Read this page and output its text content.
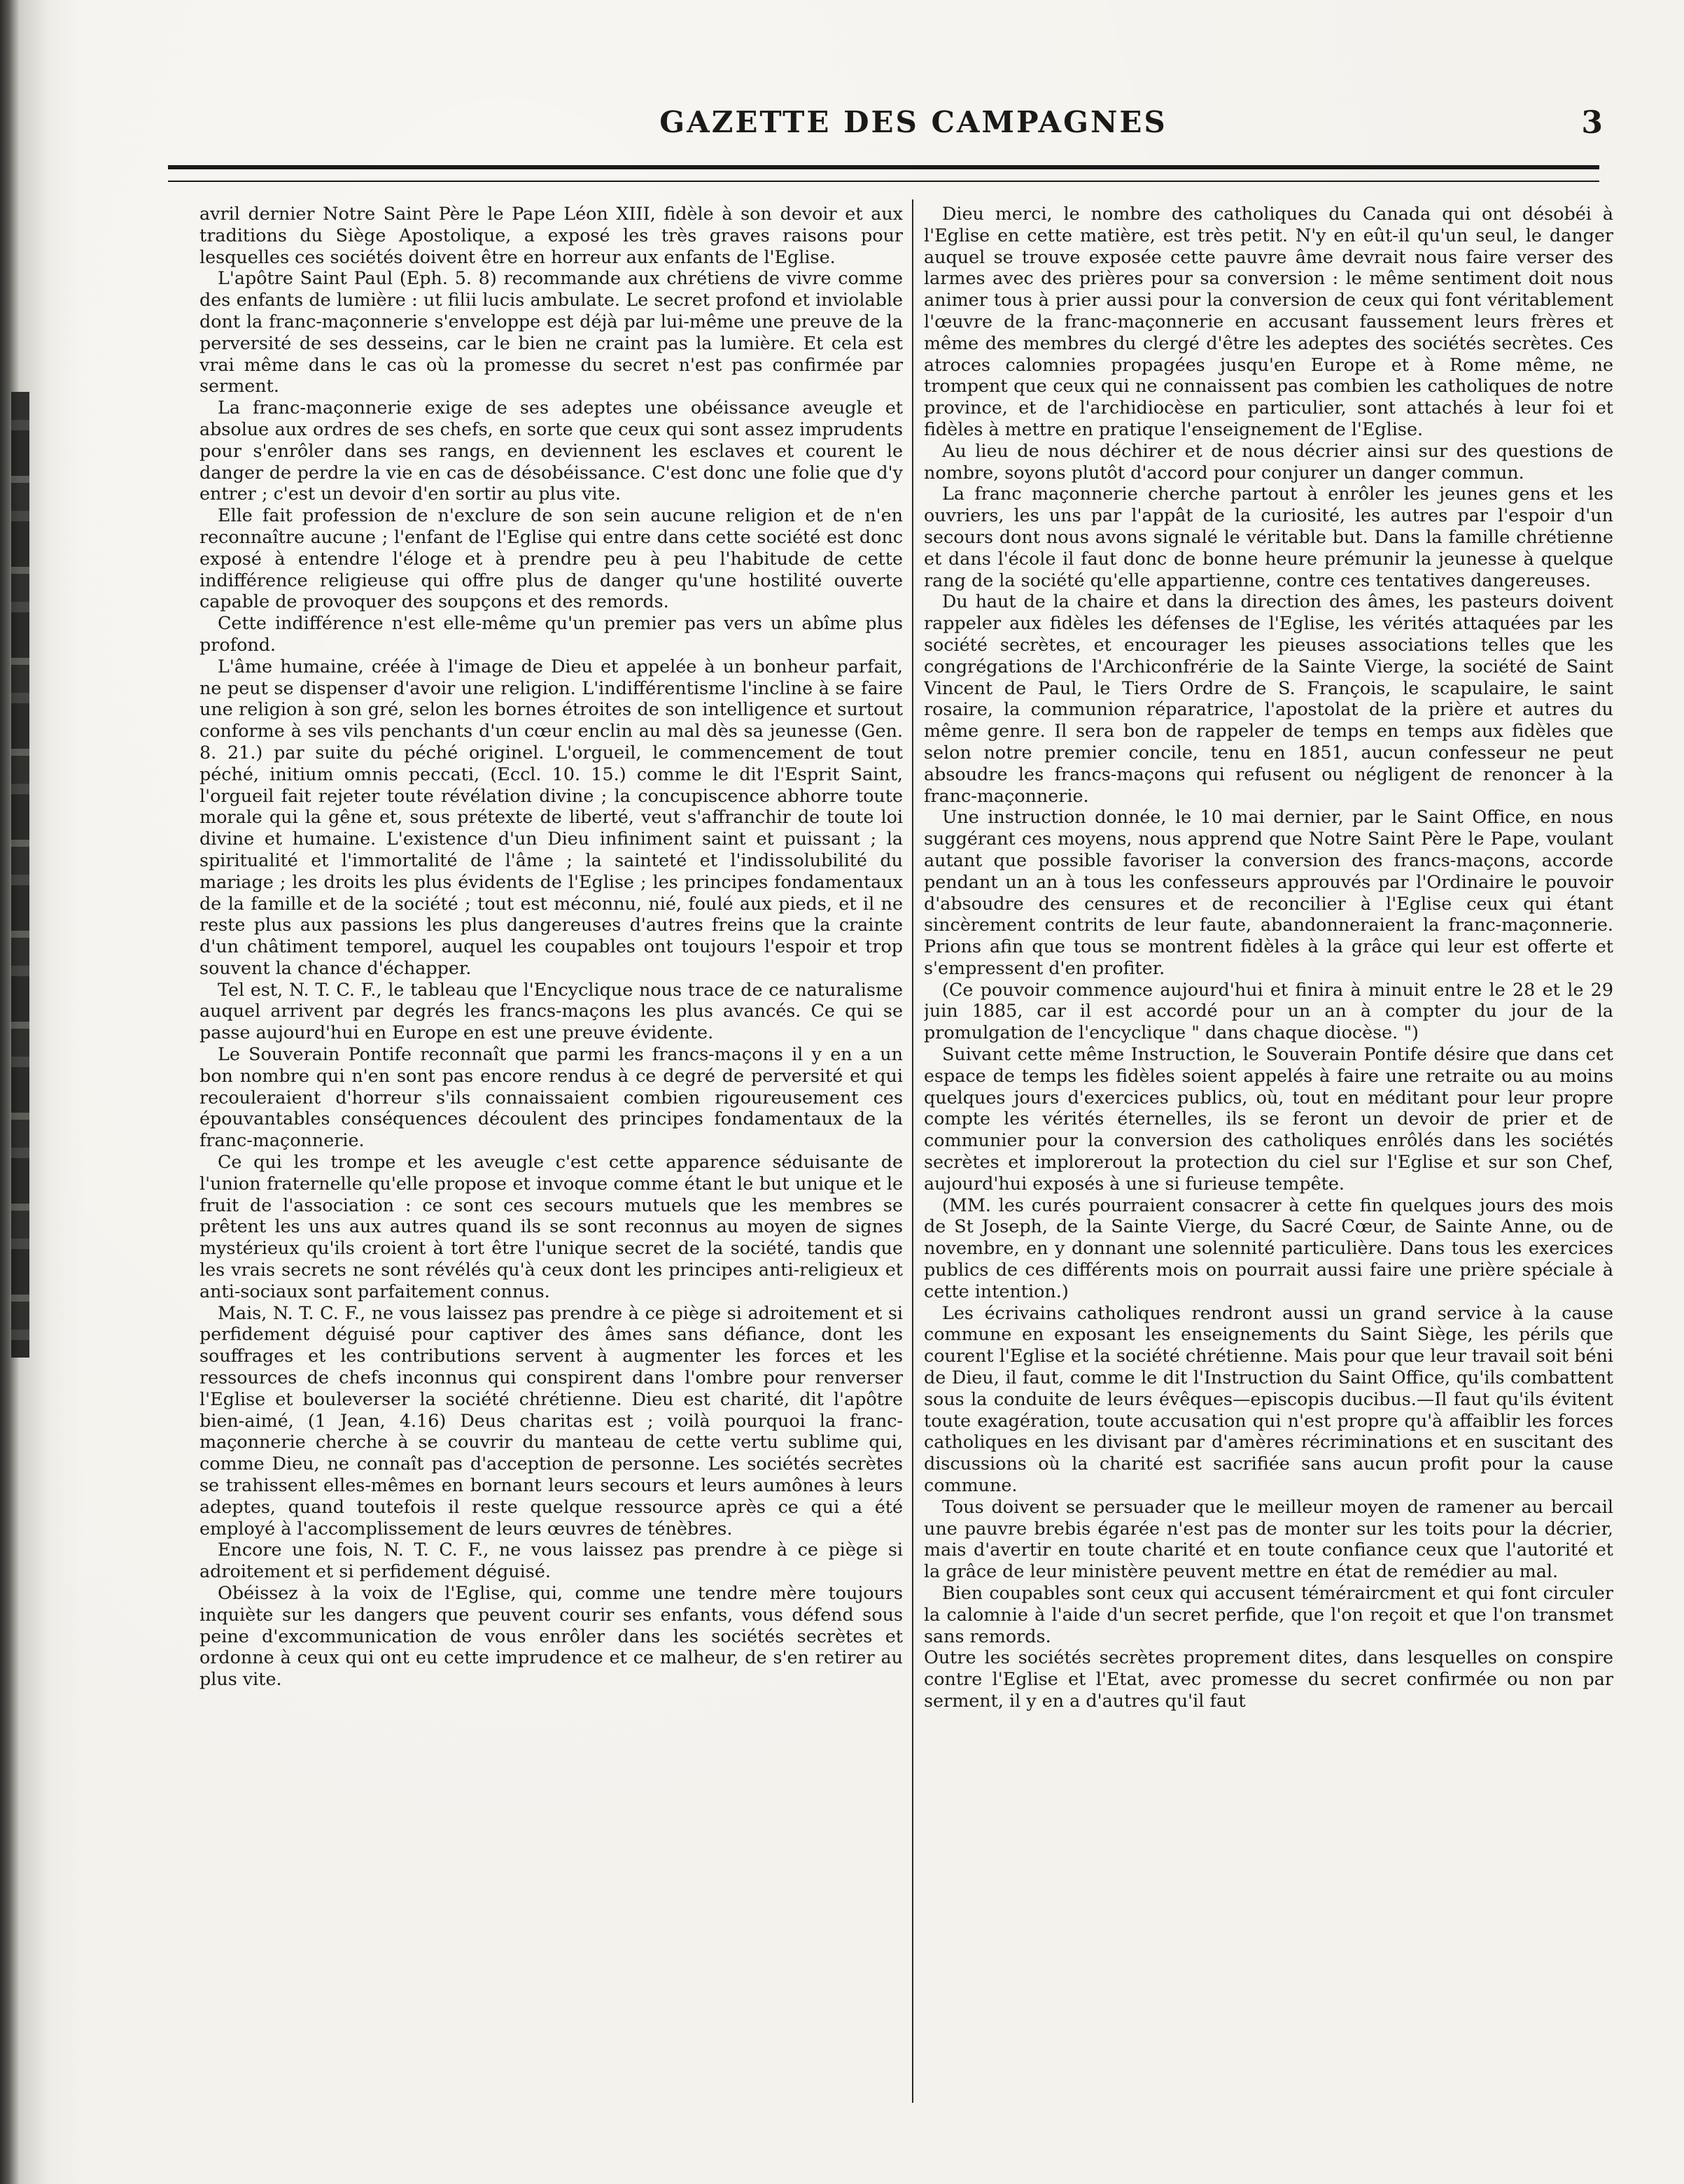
GAZETTE DES CAMPAGNES	3

avril dernier Notre Saint Père le Pape Léon XIII, fidèle à son devoir et aux traditions du Siège Apostolique, a exposé les très graves raisons pour lesquelles ces sociétés doivent être en horreur aux enfants de l'Eglise.

L'apôtre Saint Paul (Eph. 5. 8) recommande aux chrétiens de vivre comme des enfants de lumière : ut filii lucis ambulate. Le secret profond et inviolable dont la franc-maçonnerie s'enveloppe est déjà par lui-même une preuve de la perversité de ses desseins, car le bien ne craint pas la lumière. Et cela est vrai même dans le cas où la promesse du secret n'est pas confirmée par serment.

La franc-maçonnerie exige de ses adeptes une obéissance aveugle et absolue aux ordres de ses chefs, en sorte que ceux qui sont assez imprudents pour s'enrôler dans ses rangs, en deviennent les esclaves et courent le danger de perdre la vie en cas de désobéissance. C'est donc une folie que d'y entrer ; c'est un devoir d'en sortir au plus vite.

Elle fait profession de n'exclure de son sein aucune religion et de n'en reconnaître aucune ; l'enfant de l'Eglise qui entre dans cette société est donc exposé à entendre l'éloge et à prendre peu à peu l'habitude de cette indifférence religieuse qui offre plus de danger qu'une hostilité ouverte capable de provoquer des soupçons et des remords.

Cette indifférence n'est elle-même qu'un premier pas vers un abîme plus profond.

L'âme humaine, créée à l'image de Dieu et appelée à un bonheur parfait, ne peut se dispenser d'avoir une religion. L'indifférentisme l'incline à se faire une religion à son gré, selon les bornes étroites de son intelligence et surtout conforme à ses vils penchants d'un cœur enclin au mal dès sa jeunesse (Gen. 8. 21.) par suite du péché originel. L'orgueil, le commencement de tout péché, initium omnis peccati, (Eccl. 10. 15.) comme le dit l'Esprit Saint, l'orgueil fait rejeter toute révélation divine ; la concupiscence abhorre toute morale qui la gêne et, sous prétexte de liberté, veut s'affranchir de toute loi divine et humaine. L'existence d'un Dieu infiniment saint et puissant ; la spiritualité et l'immortalité de l'âme ; la sainteté et l'indissolubilité du mariage ; les droits les plus évidents de l'Eglise ; les principes fondamentaux de la famille et de la société ; tout est méconnu, nié, foulé aux pieds, et il ne reste plus aux passions les plus dangereuses d'autres freins que la crainte d'un châtiment temporel, auquel les coupables ont toujours l'espoir et trop souvent la chance d'échapper.

Tel est, N. T. C. F., le tableau que l'Encyclique nous trace de ce naturalisme auquel arrivent par degrés les francs-maçons les plus avancés. Ce qui se passe aujourd'hui en Europe en est une preuve évidente.

Le Souverain Pontife reconnaît que parmi les francs-maçons il y en a un bon nombre qui n'en sont pas encore rendus à ce degré de perversité et qui recouleraient d'horreur s'ils connaissaient combien rigoureusement ces épouvantables conséquences découlent des principes fondamentaux de la franc-maçonnerie.

Ce qui les trompe et les aveugle c'est cette apparence séduisante de l'union fraternelle qu'elle propose et invoque comme étant le but unique et le fruit de l'association : ce sont ces secours mutuels que les membres se prêtent les uns aux autres quand ils se sont reconnus au moyen de signes mystérieux qu'ils croient à tort être l'unique secret de la société, tandis que les vrais secrets ne sont révélés qu'à ceux dont les principes anti-religieux et anti-sociaux sont parfaitement connus.

Mais, N. T. C. F., ne vous laissez pas prendre à ce piège si adroitement et si perfidement déguisé pour captiver des âmes sans défiance, dont les souffrages et les contributions servent à augmenter les forces et les ressources de chefs inconnus qui conspirent dans l'ombre pour renverser l'Eglise et bouleverser la société chrétienne. Dieu est charité, dit l'apôtre bien-aimé, (1 Jean, 4.16) Deus charitas est ; voilà pourquoi la franc-maçonnerie cherche à se couvrir du manteau de cette vertu sublime qui, comme Dieu, ne connaît pas d'acception de personne. Les sociétés secrètes se trahissent elles-mêmes en bornant leurs secours et leurs aumônes à leurs adeptes, quand toutefois il reste quelque ressource après ce qui a été employé à l'accomplissement de leurs œuvres de ténèbres.

Encore une fois, N. T. C. F., ne vous laissez pas prendre à ce piège si adroitement et si perfidement déguisé.

Obéissez à la voix de l'Eglise, qui, comme une tendre mère toujours inquiète sur les dangers que peuvent courir ses enfants, vous défend sous peine d'excommunication de vous enrôler dans les sociétés secrètes et ordonne à ceux qui ont eu cette imprudence et ce malheur, de s'en retirer au plus vite.

Dieu merci, le nombre des catholiques du Canada qui ont désobéi à l'Eglise en cette matière, est très petit. N'y en eût-il qu'un seul, le danger auquel se trouve exposée cette pauvre âme devrait nous faire verser des larmes avec des prières pour sa conversion : le même sentiment doit nous animer tous à prier aussi pour la conversion de ceux qui font véritablement l'œuvre de la franc-maçonnerie en accusant faussement leurs frères et même des membres du clergé d'être les adeptes des sociétés secrètes. Ces atroces calomnies propagées jusqu'en Europe et à Rome même, ne trompent que ceux qui ne connaissent pas combien les catholiques de notre province, et de l'archidiocèse en particulier, sont attachés à leur foi et fidèles à mettre en pratique l'enseignement de l'Eglise.

Au lieu de nous déchirer et de nous décrier ainsi sur des questions de nombre, soyons plutôt d'accord pour conjurer un danger commun.

La franc maçonnerie cherche partout à enrôler les jeunes gens et les ouvriers, les uns par l'appât de la curiosité, les autres par l'espoir d'un secours dont nous avons signalé le véritable but. Dans la famille chrétienne et dans l'école il faut donc de bonne heure prémunir la jeunesse à quelque rang de la société qu'elle appartienne, contre ces tentatives dangereuses.

Du haut de la chaire et dans la direction des âmes, les pasteurs doivent rappeler aux fidèles les défenses de l'Eglise, les vérités attaquées par les société secrètes, et encourager les pieuses associations telles que les congrégations de l'Archiconfrérie de la Sainte Vierge, la société de Saint Vincent de Paul, le Tiers Ordre de S. François, le scapulaire, le saint rosaire, la communion réparatrice, l'apostolat de la prière et autres du même genre. Il sera bon de rappeler de temps en temps aux fidèles que selon notre premier concile, tenu en 1851, aucun confesseur ne peut absoudre les francs-maçons qui refusent ou négligent de renoncer à la franc-maçonnerie.

Une instruction donnée, le 10 mai dernier, par le Saint Office, en nous suggérant ces moyens, nous apprend que Notre Saint Père le Pape, voulant autant que possible favoriser la conversion des francs-maçons, accorde pendant un an à tous les confesseurs approuvés par l'Ordinaire le pouvoir d'absoudre des censures et de reconcilier à l'Eglise ceux qui étant sincèrement contrits de leur faute, abandonneraient la franc-maçonnerie. Prions afin que tous se montrent fidèles à la grâce qui leur est offerte et s'empressent d'en profiter.

(Ce pouvoir commence aujourd'hui et finira à minuit entre le 28 et le 29 juin 1885, car il est accordé pour un an à compter du jour de la promulgation de l'encyclique " dans chaque diocèse. ")

Suivant cette même Instruction, le Souverain Pontife désire que dans cet espace de temps les fidèles soient appelés à faire une retraite ou au moins quelques jours d'exercices publics, où, tout en méditant pour leur propre compte les vérités éternelles, ils se feront un devoir de prier et de communier pour la conversion des catholiques enrôlés dans les sociétés secrètes et implorerout la protection du ciel sur l'Eglise et sur son Chef, aujourd'hui exposés à une si furieuse tempête.

(MM. les curés pourraient consacrer à cette fin quelques jours des mois de St Joseph, de la Sainte Vierge, du Sacré Cœur, de Sainte Anne, ou de novembre, en y donnant une solennité particulière. Dans tous les exercices publics de ces différents mois on pourrait aussi faire une prière spéciale à cette intention.)

Les écrivains catholiques rendront aussi un grand service à la cause commune en exposant les enseignements du Saint Siège, les périls que courent l'Eglise et la société chrétienne. Mais pour que leur travail soit béni de Dieu, il faut, comme le dit l'Instruction du Saint Office, qu'ils combattent sous la conduite de leurs évêques—episcopis ducibus.—Il faut qu'ils évitent toute exagération, toute accusation qui n'est propre qu'à affaiblir les forces catholiques en les divisant par d'amères récriminations et en suscitant des discussions où la charité est sacrifiée sans aucun profit pour la cause commune.

Tous doivent se persuader que le meilleur moyen de ramener au bercail une pauvre brebis égarée n'est pas de monter sur les toits pour la décrier, mais d'avertir en toute charité et en toute confiance ceux que l'autorité et la grâce de leur ministère peuvent mettre en état de remédier au mal.

Bien coupables sont ceux qui accusent téméraircment et qui font circuler la calomnie à l'aide d'un secret perfide, que l'on reçoit et que l'on transmet sans remords.

Outre les sociétés secrètes proprement dites, dans lesquelles on conspire contre l'Eglise et l'Etat, avec promesse du secret confirmée ou non par serment, il y en a d'autres qu'il faut
